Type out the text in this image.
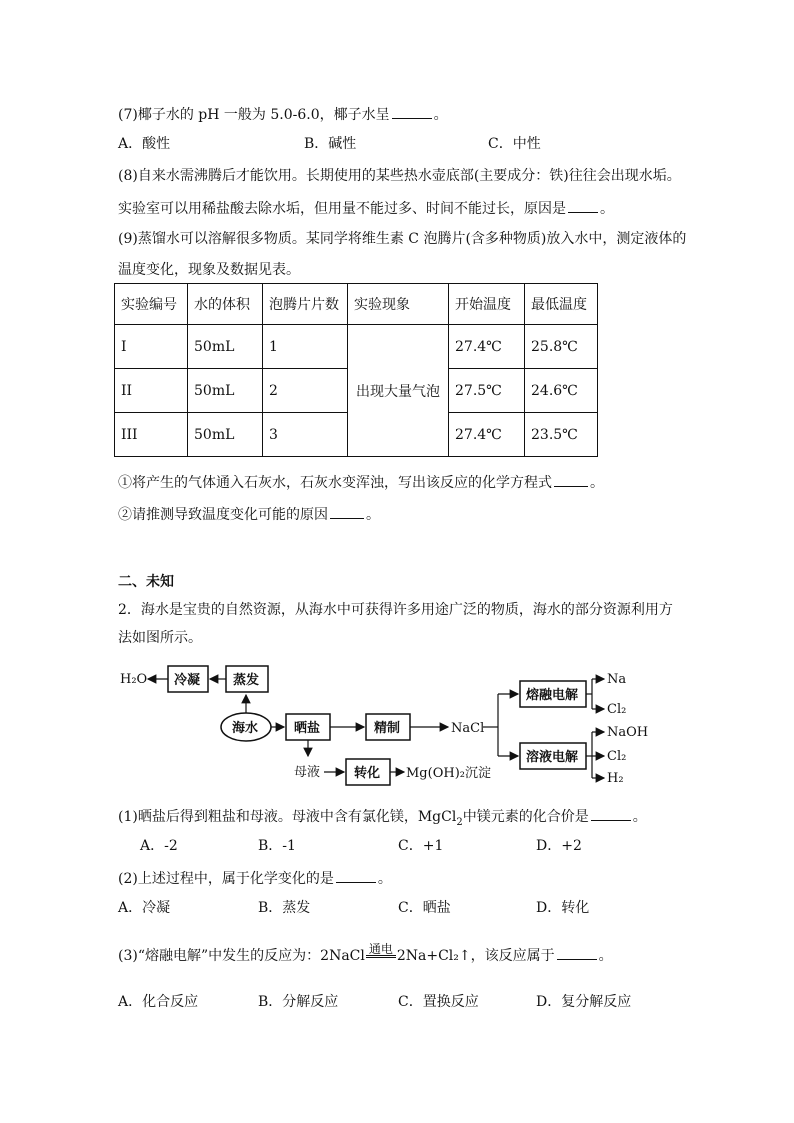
(7)椰子水的 pH 一般为 5.0-6.0，椰子水呈	。
A．酸性	B．碱性	C．中性
(8)自来水需沸腾后才能饮用。长期使用的某些热水壶底部(主要成分：铁)往往会出现水垢。
实验室可以用稀盐酸去除水垢，但用量不能过多、时间不能过长，原因是 。
(9)蒸馏水可以溶解很多物质。某同学将维生素 C 泡腾片(含多种物质)放入水中，测定液体的
温度变化，现象及数据见表。
实验编号	水的体积	泡腾片片数	实验现象	开始温度	最低温度
I	50mL	1	出现大量气泡	27.4℃	25.8℃
II	50mL	2		27.5℃	24.6℃
III	50mL	3		27.4℃	23.5℃
①将产生的气体通入石灰水，石灰水变浑浊，写出该反应的化学方程式	。
②请推测导致温度变化可能的原因	。
二、未知
2．海水是宝贵的自然资源，从海水中可获得许多用途广泛的物质，海水的部分资源利用方
法如图所示。
H₂O 冷凝	蒸发
海水	晒盐	精制	NaCl
熔融电解
溶液电解
Na
Cl₂
NaOH
Cl₂
H₂
母液	转化 Mg(OH)₂沉淀
(1)晒盐后得到粗盐和母液。母液中含有氯化镁，MgCl$_2$中镁元素的化合价是	。
A．-2	B．-1	C．+1	D．+2
(2)上述过程中，属于化学变化的是	。
A．冷凝	B．蒸发	C．晒盐	D．转化
(3)“熔融电解”中发生的反应为：2NaCl 通电 2Na+Cl₂↑，该反应属于	。
A．化合反应	B．分解反应	C．置换反应	D．复分解反应
